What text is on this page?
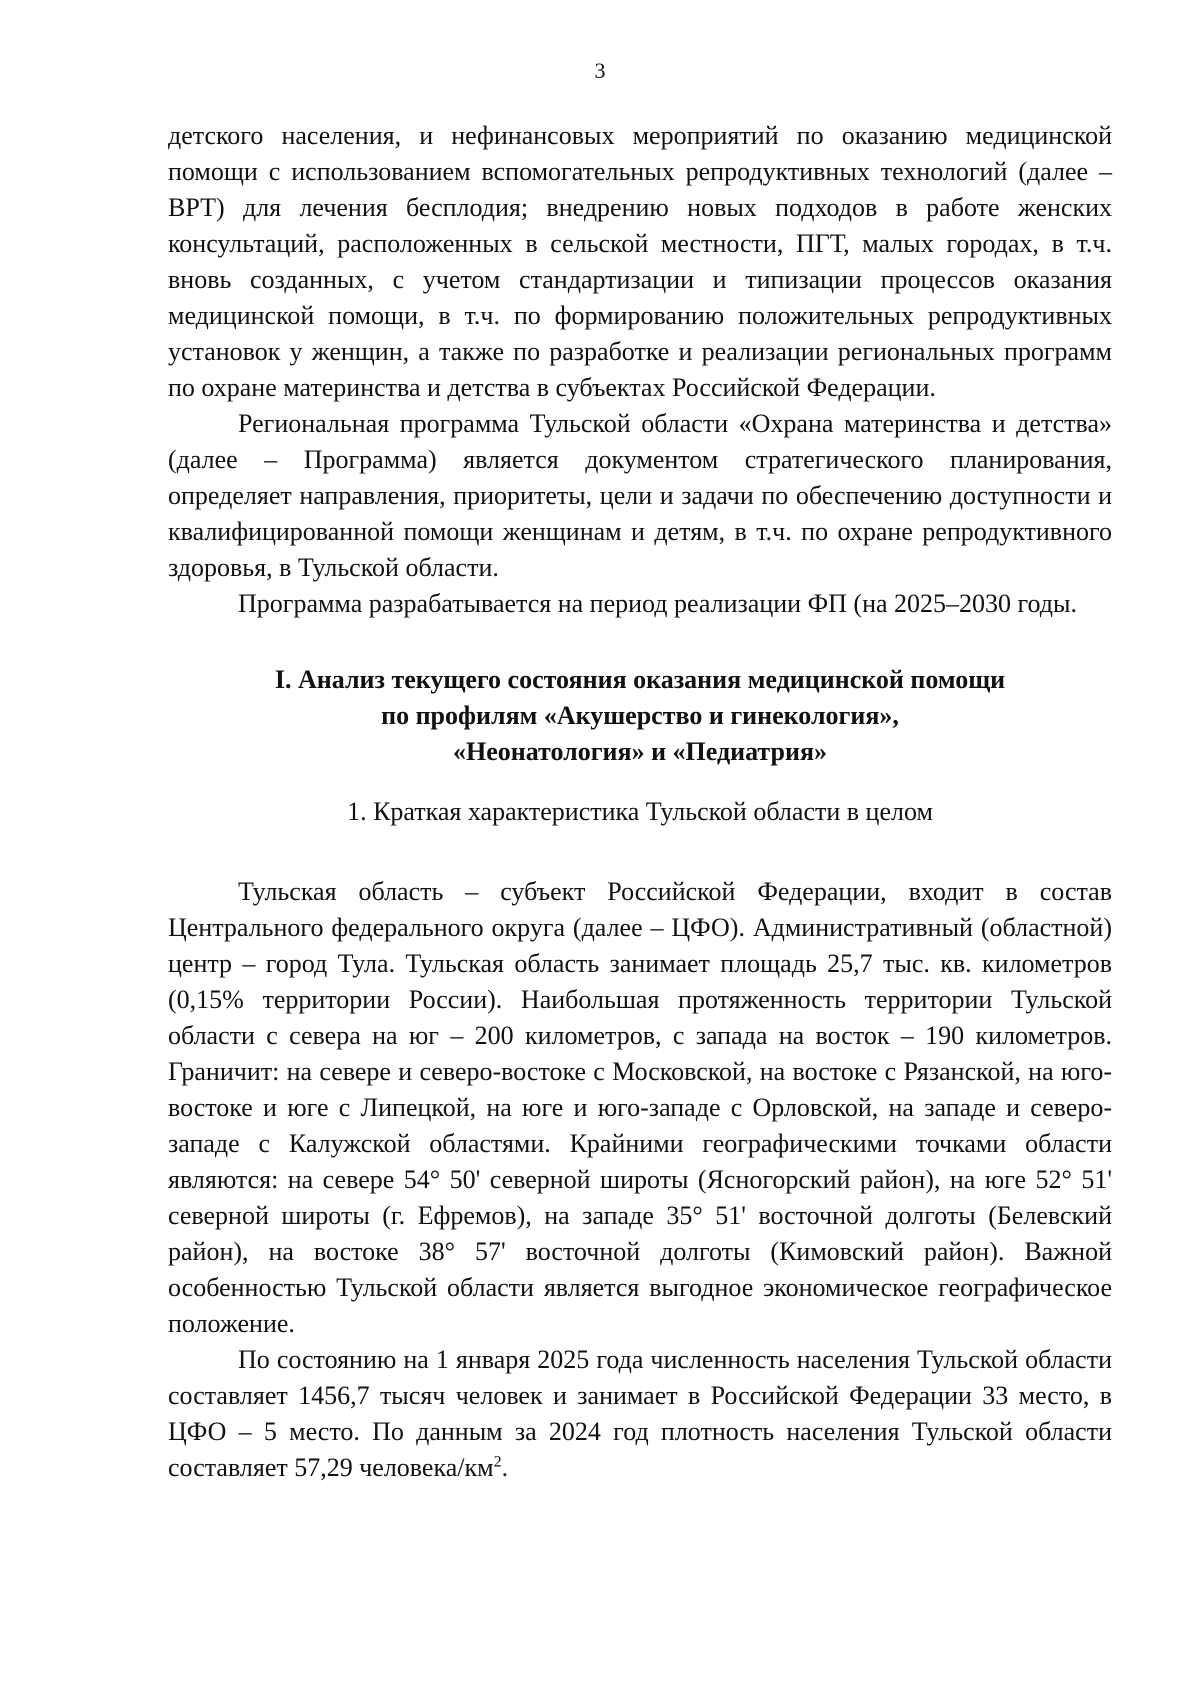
3

детского населения, и нефинансовых мероприятий по оказанию медицинской помощи с использованием вспомогательных репродуктивных технологий (далее – ВРТ) для лечения бесплодия; внедрению новых подходов в работе женских консультаций, расположенных в сельской местности, ПГТ, малых городах, в т.ч. вновь созданных, с учетом стандартизации и типизации процессов оказания медицинской помощи, в т.ч. по формированию положительных репродуктивных установок у женщин, а также по разработке и реализации региональных программ по охране материнства и детства в субъектах Российской Федерации.

Региональная программа Тульской области «Охрана материнства и детства» (далее – Программа) является документом стратегического планирования, определяет направления, приоритеты, цели и задачи по обеспечению доступности и квалифицированной помощи женщинам и детям, в т.ч. по охране репродуктивного здоровья, в Тульской области.

Программа разрабатывается на период реализации ФП (на 2025–2030 годы.

I. Анализ текущего состояния оказания медицинской помощи
по профилям «Акушерство и гинекология»,
«Неонатология» и «Педиатрия»
1. Краткая характеристика Тульской области в целом

Тульская область – субъект Российской Федерации, входит в состав Центрального федерального округа (далее – ЦФО). Административный (областной) центр – город Тула. Тульская область занимает площадь 25,7 тыс. кв. километров (0,15% территории России). Наибольшая протяженность территории Тульской области с севера на юг – 200 километров, с запада на восток – 190 километров. Граничит: на севере и северо-востоке с Московской, на востоке с Рязанской, на юго-востоке и юге с Липецкой, на юге и юго-западе с Орловской, на западе и северо-западе с Калужской областями. Крайними географическими точками области являются: на севере 54° 50' северной широты (Ясногорский район), на юге 52° 51' северной широты (г. Ефремов), на западе 35° 51' восточной долготы (Белевский район), на востоке 38° 57' восточной долготы (Кимовский район). Важной особенностью Тульской области является выгодное экономическое географическое положение.

По состоянию на 1 января 2025 года численность населения Тульской области составляет 1456,7 тысяч человек и занимает в Российской Федерации 33 место, в ЦФО – 5 место. По данным за 2024 год плотность населения Тульской области составляет 57,29 человека/$км^2$.
